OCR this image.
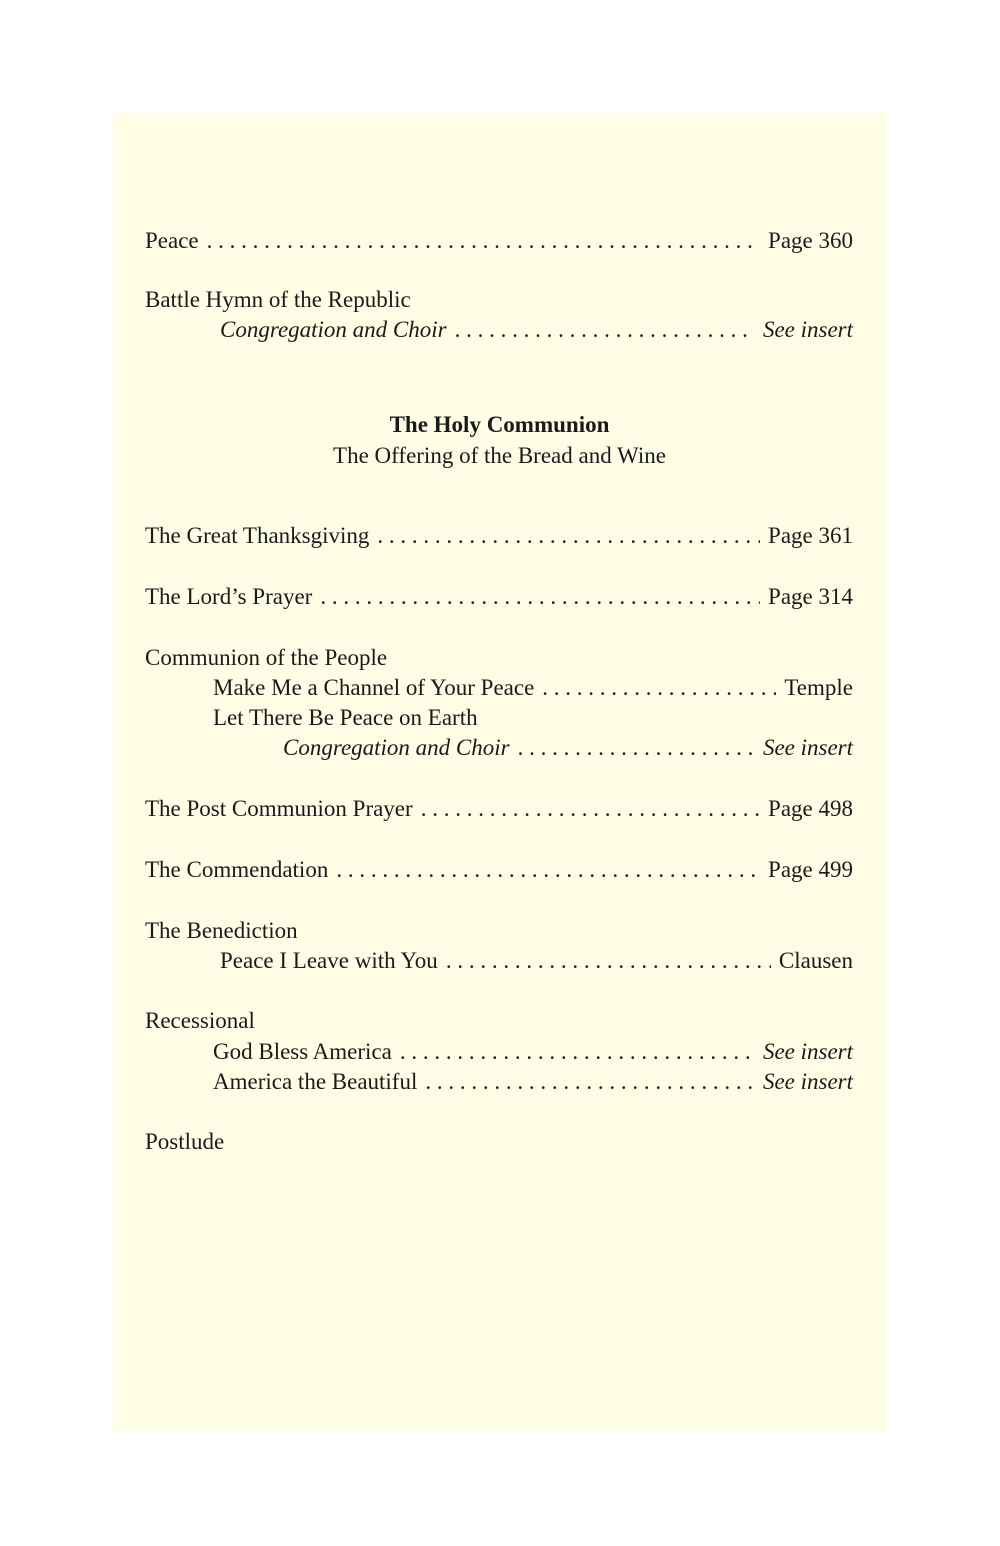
Peace . . .	Page 360
Battle Hymn of the Republic
Congregation and Choir . . .	See insert
The Holy Communion
The Offering of the Bread and Wine
The Great Thanksgiving . . .	Page 361
The Lord’s Prayer . . .	Page 314
Communion of the People
Make Me a Channel of Your Peace . . .	Temple
Let There Be Peace on Earth
Congregation and Choir . . .	See insert
The Post Communion Prayer . . .	Page 498
The Commendation . . .	Page 499
The Benediction
Peace I Leave with You . . .	Clausen
Recessional
God Bless America . . .	See insert
America the Beautiful . . .	See insert
Postlude
